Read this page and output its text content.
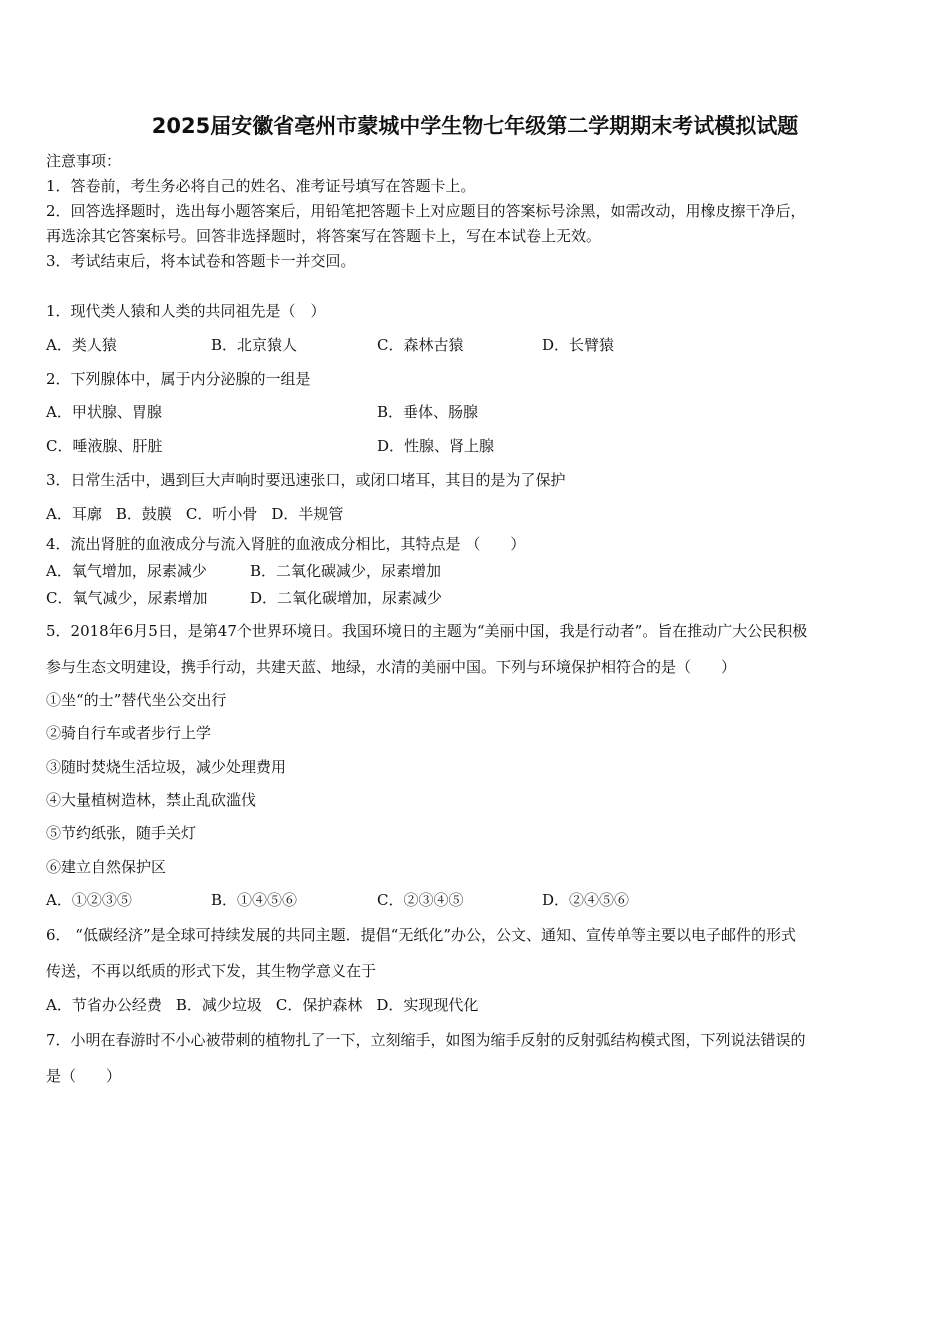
2025届安徽省亳州市蒙城中学生物七年级第二学期期末考试模拟试题
注意事项：
1．答卷前，考生务必将自己的姓名、准考证号填写在答题卡上。
2．回答选择题时，选出每小题答案后，用铅笔把答题卡上对应题目的答案标号涂黑，如需改动，用橡皮擦干净后，
再选涂其它答案标号。回答非选择题时，将答案写在答题卡上，写在本试卷上无效。
3．考试结束后，将本试卷和答题卡一并交回。
1．现代类人猿和人类的共同祖先是（　）
A．类人猿	B．北京猿人	C．森林古猿	D．长臂猿
2．下列腺体中，属于内分泌腺的一组是
A．甲状腺、胃腺	B．垂体、肠腺
C．唾液腺、肝脏	D．性腺、肾上腺
3．日常生活中，遇到巨大声响时要迅速张口，或闭口堵耳，其目的是为了保护
A．耳廓 B．鼓膜 C．听小骨 D．半规管
4．流出肾脏的血液成分与流入肾脏的血液成分相比，其特点是 （　　）
A．氧气增加，尿素减少	B．二氧化碳减少，尿素增加
C．氧气减少，尿素增加	D．二氧化碳增加，尿素减少
5．2018年6月5日，是第47个世界环境日。我国环境日的主题为“美丽中国，我是行动者”。旨在推动广大公民积极
参与生态文明建设，携手行动，共建天蓝、地绿，水清的美丽中国。下列与环境保护相符合的是（　　）
①坐“的士”替代坐公交出行
②骑自行车或者步行上学
③随时焚烧生活垃圾，减少处理费用
④大量植树造林，禁止乱砍滥伐
⑤节约纸张，随手关灯
⑥建立自然保护区
A．①②③⑤	B．①④⑤⑥	C．②③④⑤	D．②④⑤⑥
6． “低碳经济”是全球可持续发展的共同主题．提倡“无纸化”办公，公文、通知、宣传单等主要以电子邮件的形式
传送，不再以纸质的形式下发，其生物学意义在于
A．节省办公经费 B．减少垃圾 C．保护森林 D．实现现代化
7．小明在春游时不小心被带刺的植物扎了一下，立刻缩手，如图为缩手反射的反射弧结构模式图，下列说法错误的
是（　　）
